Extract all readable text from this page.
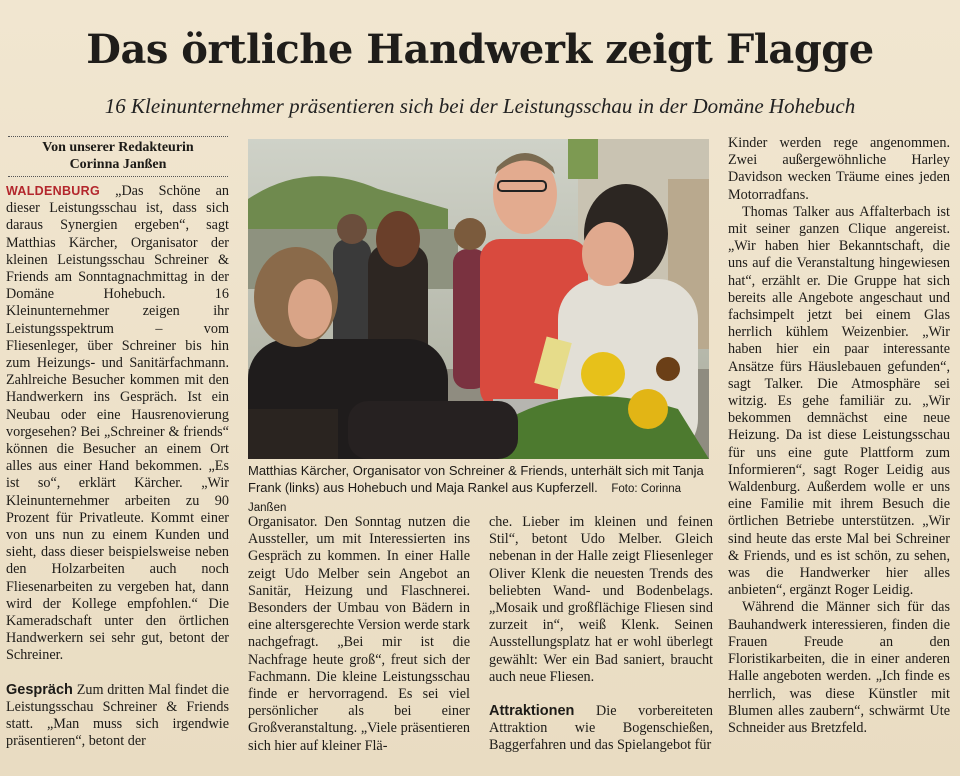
Das örtliche Handwerk zeigt Flagge
16 Kleinunternehmer präsentieren sich bei der Leistungsschau in der Domäne Hohebuch
Von unserer Redakteurin
Corinna Janßen

WALDENBURG „Das Schöne an dieser Leistungsschau ist, dass sich daraus Synergien ergeben“, sagt Matthias Kärcher, Organisator der kleinen Leistungsschau Schreiner & Friends am Sonntagnachmittag in der Domäne Hohebuch. 16 Kleinunternehmer zeigen ihr Leistungsspektrum – vom Fliesenleger, über Schreiner bis hin zum Heizungs- und Sanitärfachmann. Zahlreiche Besucher kommen mit den Handwerkern ins Gespräch. Ist ein Neubau oder eine Hausrenovierung vorgesehen? Bei „Schreiner & friends“ können die Besucher an einem Ort alles aus einer Hand bekommen. „Es ist so“, erklärt Kärcher. „Wir Kleinunternehmer arbeiten zu 90 Prozent für Privatleute. Kommt einer von uns nun zu einem Kunden und sieht, dass dieser beispielsweise neben den Holzarbeiten auch noch Fliesenarbeiten zu vergeben hat, dann wird der Kollege empfohlen.“ Die Kameradschaft unter den örtlichen Handwerkern sei sehr gut, betont der Schreiner.

Gespräch Zum dritten Mal findet die Leistungsschau Schreiner & Friends statt. „Man muss sich irgendwie präsentieren“, betont der

Matthias Kärcher, Organisator von Schreiner & Friends, unterhält sich mit Tanja Frank (links) aus Hohebuch und Maja Rankel aus Kupferzell. Foto: Corinna Janßen

Organisator. Den Sonntag nutzen die Aussteller, um mit Interessierten ins Gespräch zu kommen. In einer Halle zeigt Udo Melber sein Angebot an Sanitär, Heizung und Flaschnerei. Besonders der Umbau von Bädern in eine altersgerechte Version werde stark nachgefragt. „Bei mir ist die Nachfrage heute groß“, freut sich der Fachmann. Die kleine Leistungsschau finde er hervorragend. Es sei viel persönlicher als bei einer Großveranstaltung. „Viele präsentieren sich hier auf kleiner Flä-

che. Lieber im kleinen und feinen Stil“, betont Udo Melber. Gleich nebenan in der Halle zeigt Fliesenleger Oliver Klenk die neuesten Trends des beliebten Wand- und Bodenbelags. „Mosaik und großflächige Fliesen sind zurzeit in“, weiß Klenk. Seinen Ausstellungsplatz hat er wohl überlegt gewählt: Wer ein Bad saniert, braucht auch neue Fliesen.

Attraktionen Die vorbereiteten Attraktion wie Bogenschießen, Baggerfahren und das Spielangebot für

Kinder werden rege angenommen. Zwei außergewöhnliche Harley Davidson wecken Träume eines jeden Motorradfans.

Thomas Talker aus Affalterbach ist mit seiner ganzen Clique angereist. „Wir haben hier Bekanntschaft, die uns auf die Veranstaltung hingewiesen hat“, erzählt er. Die Gruppe hat sich bereits alle Angebote angeschaut und fachsimpelt jetzt bei einem Glas herrlich kühlem Weizenbier. „Wir haben hier ein paar interessante Ansätze fürs Häuslebauen gefunden“, sagt Talker. Die Atmosphäre sei witzig. Es gehe familiär zu. „Wir bekommen demnächst eine neue Heizung. Da ist diese Leistungsschau für uns eine gute Plattform zum Informieren“, sagt Roger Leidig aus Waldenburg. Außerdem wolle er uns eine Familie mit ihrem Besuch die örtlichen Betriebe unterstützen. „Wir sind heute das erste Mal bei Schreiner & Friends, und es ist schön, zu sehen, was die Handwerker hier alles anbieten“, ergänzt Roger Leidig.

Während die Männer sich für das Bauhandwerk interessieren, finden die Frauen Freude an den Floristikarbeiten, die in einer anderen Halle angeboten werden. „Ich finde es herrlich, was diese Künstler mit Blumen alles zaubern“, schwärmt Ute Schneider aus Bretzfeld.
